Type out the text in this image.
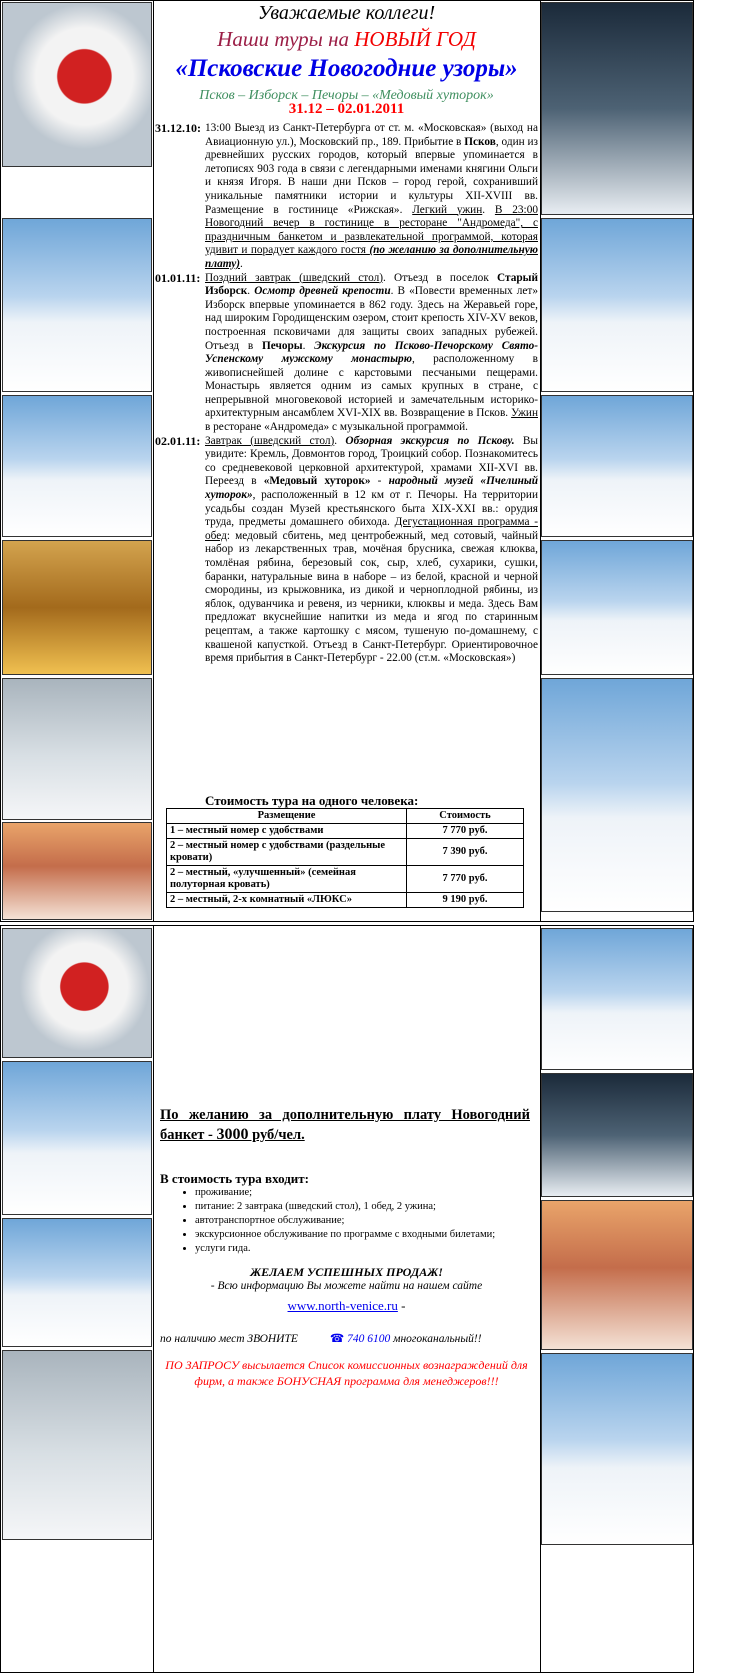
Уважаемые коллеги!
Наши туры на НОВЫЙ ГОД
«Псковские Новогодние узоры»
Псков – Изборск – Печоры – «Медовый хуторок»
31.12 – 02.01.2011
31.12.10: 13:00 Выезд из Санкт-Петербурга от ст. м. «Московская» (выход на Авиационную ул.), Московский пр., 189. Прибытие в Псков, один из древнейших русских городов, который впервые упоминается в летописях 903 года в связи с легендарными именами княгини Ольги и князя Игоря. В наши дни Псков – город герой, сохранивший уникальные памятники истории и культуры XII-XVIII вв. Размещение в гостинице «Рижская». Легкий ужин. В 23:00 Новогодний вечер в гостинице в ресторане "Андромеда", с праздничным банкетом и развлекательной программой, которая удивит и порадует каждого гостя (по желанию за дополнительную плату).
01.01.11: Поздний завтрак (шведский стол). Отъезд в поселок Старый Изборск. Осмотр древней крепости. В «Повести временных лет» Изборск впервые упоминается в 862 году. Здесь на Жеравьей горе, над широким Городищенским озером, стоит крепость XIV-XV веков, построенная псковичами для защиты своих западных рубежей. Отъезд в Печоры. Экскурсия по Псково-Печорскому Свято-Успенскому мужскому монастырю, расположенному в живописнейшей долине с карстовыми песчаными пещерами. Монастырь является одним из самых крупных в стране, с непрерывной многовековой историей и замечательным историко-архитектурным ансамблем XVI-XIX вв. Возвращение в Псков. Ужин в ресторане «Андромеда» с музыкальной программой.
02.01.11: Завтрак (шведский стол). Обзорная экскурсия по Пскову. Вы увидите: Кремль, Довмонтов город, Троицкий собор. Познакомитесь со средневековой церковной архитектурой, храмами XII-XVI вв. Переезд в «Медовый хуторок» - народный музей «Пчелиный хуторок», расположенный в 12 км от г. Печоры. На территории усадьбы создан Музей крестьянского быта XIX-XXI вв.: орудия труда, предметы домашнего обихода. Дегустационная программа - обед: медовый сбитень, мед центробежный, мед сотовый, чайный набор из лекарственных трав, мочёная брусника, свежая клюква, томлёная рябина, березовый сок, сыр, хлеб, сухарики, сушки, баранки, натуральные вина в наборе – из белой, красной и черной смородины, из крыжовника, из дикой и черноплодной рябины, из яблок, одуванчика и ревеня, из черники, клюквы и меда. Здесь Вам предложат вкуснейшие напитки из меда и ягод по старинным рецептам, а также картошку с мясом, тушеную по-домашнему, с квашеной капусткой. Отъезд в Санкт-Петербург. Ориентировочное время прибытия в Санкт-Петербург - 22.00 (ст.м. «Московская»)
Стоимость тура на одного человека:
Размещение	Стоимость
1 – местный номер с удобствами	7 770 руб.
2 – местный номер с удобствами (раздельные кровати)	7 390 руб.
2 – местный, «улучшенный» (семейная полуторная кровать)	7 770 руб.
2 – местный, 2-х комнатный «ЛЮКС»	9 190 руб.
По желанию за дополнительную плату Новогодний банкет - 3000 руб/чел.
В стоимость тура входит:
• проживание;
• питание: 2 завтрака (шведский стол), 1 обед, 2 ужина;
• автотранспортное обслуживание;
• экскурсионное обслуживание по программе с входными билетами;
• услуги гида.
ЖЕЛАЕМ УСПЕШНЫХ ПРОДАЖ!
- Всю информацию Вы можете найти на нашем сайте
www.north-venice.ru -
по наличию мест ЗВОНИТЕ	☎ 740 6100 многоканальный!!
ПО ЗАПРОСУ высылается Список комиссионных вознаграждений для фирм, а также БОНУСНАЯ программа для менеджеров!!!
